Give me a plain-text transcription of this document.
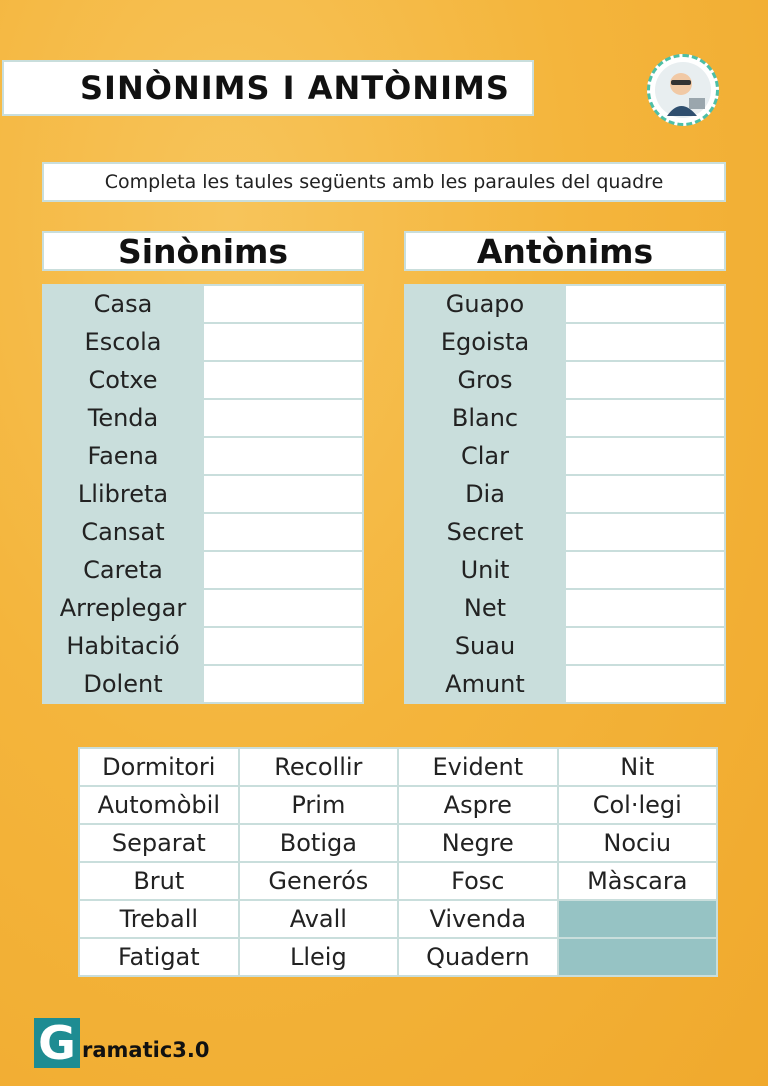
SINÒNIMS I ANTÒNIMS
Completa les taules següents amb les paraules del quadre
Sinònims	Antònims
Casa	
Escola	
Cotxe	
Tenda	
Faena	
Llibreta	
Cansat	
Careta	
Arreplegar	
Habitació	
Dolent	
Guapo	
Egoista	
Gros	
Blanc	
Clar	
Dia	
Secret	
Unit	
Net	
Suau	
Amunt	
Dormitori	Recollir	Evident	Nit
Automòbil	Prim	Aspre	Col·legi
Separat	Botiga	Negre	Nociu
Brut	Generós	Fosc	Màscara
Treball	Avall	Vivenda	
Fatigat	Lleig	Quadern	
G ramatic3.0
